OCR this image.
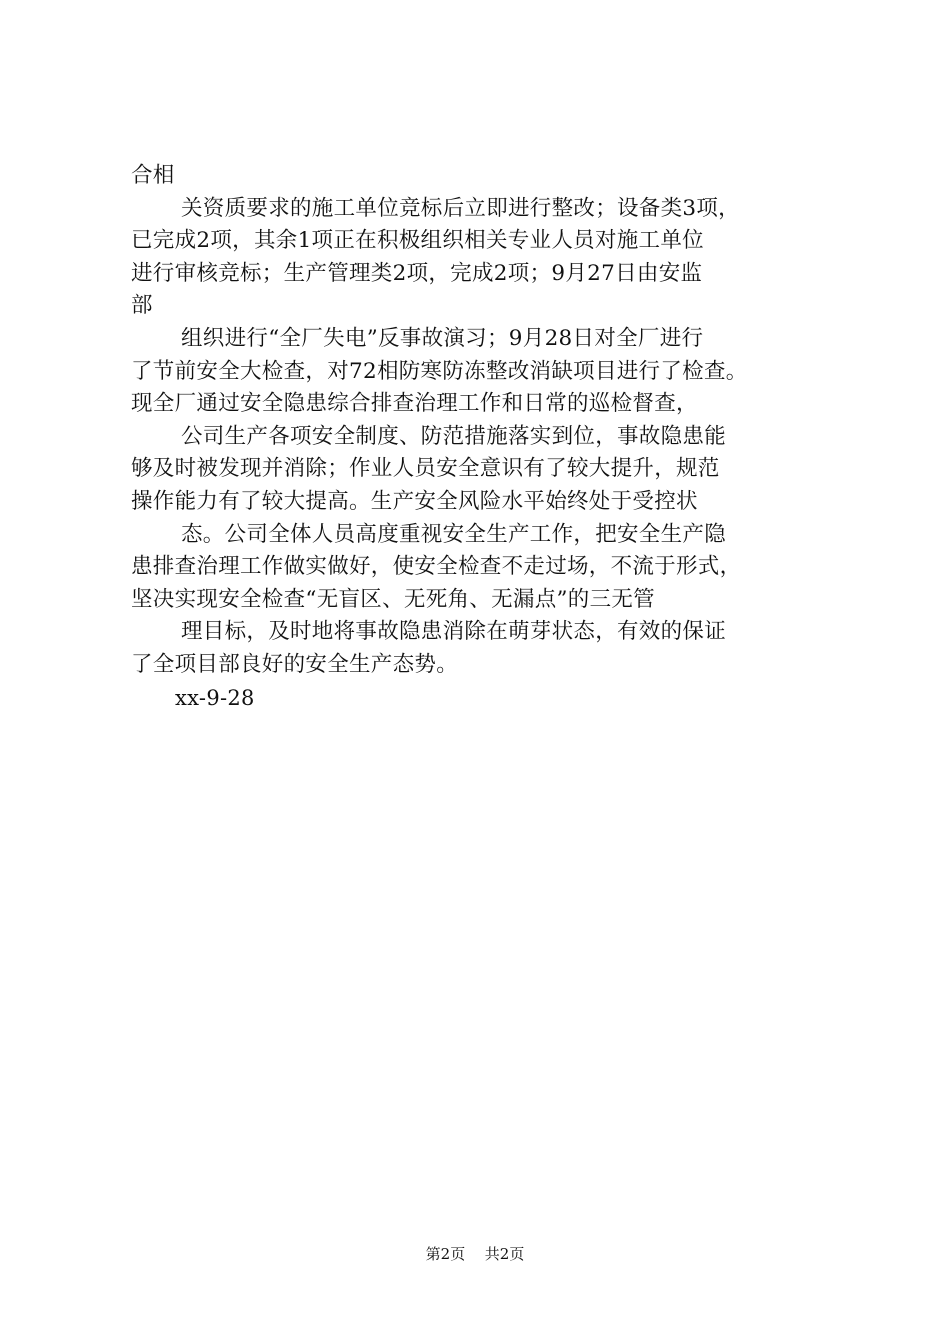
合相
关资质要求的施工单位竞标后立即进行整改；设备类3项，
已完成2项，其余1项正在积极组织相关专业人员对施工单位
进行审核竞标；生产管理类2项，完成2项；9月27日由安监
部
组织进行“全厂失电”反事故演习；9月28日对全厂进行
了节前安全大检查，对72相防寒防冻整改消缺项目进行了检查。
现全厂通过安全隐患综合排查治理工作和日常的巡检督查，
公司生产各项安全制度、防范措施落实到位，事故隐患能
够及时被发现并消除；作业人员安全意识有了较大提升，规范
操作能力有了较大提高。生产安全风险水平始终处于受控状
态。公司全体人员高度重视安全生产工作，把安全生产隐
患排查治理工作做实做好，使安全检查不走过场，不流于形式，
坚决实现安全检查“无盲区、无死角、无漏点”的三无管
理目标，及时地将事故隐患消除在萌芽状态，有效的保证
了全项目部良好的安全生产态势。
xx-9-28
第2页 共2页
